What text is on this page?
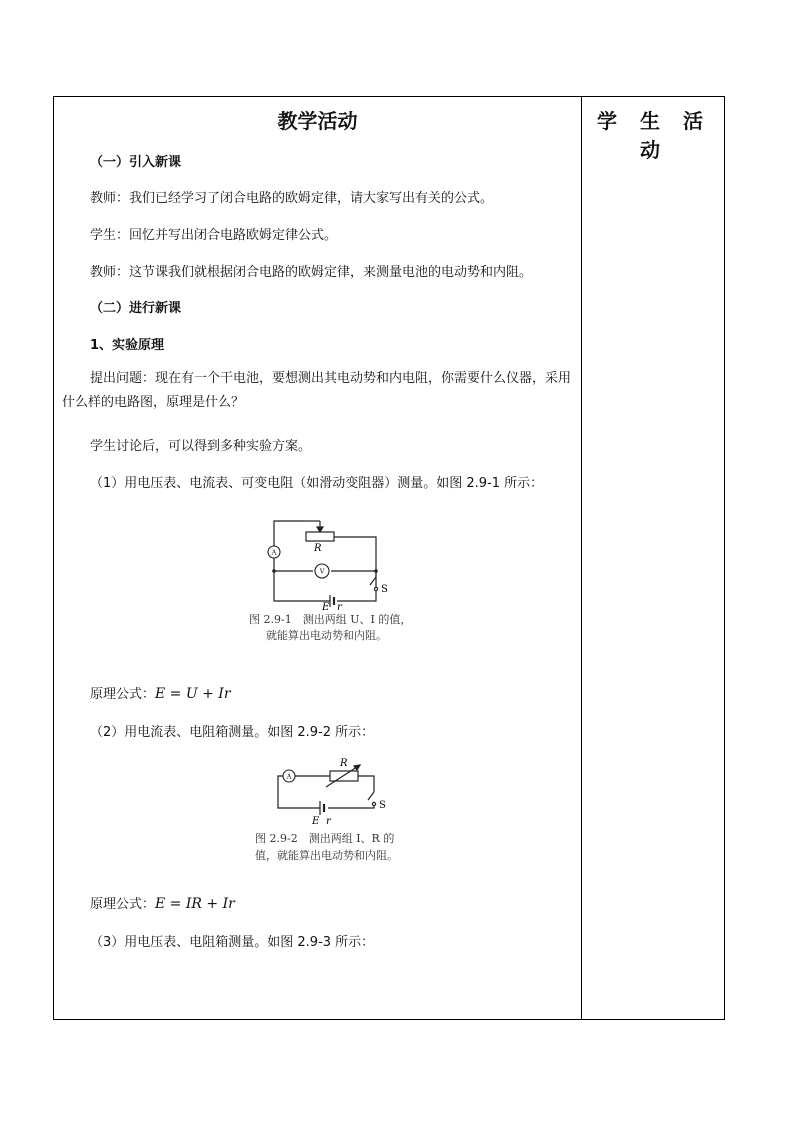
教学活动	学 生 活 动
（一）引入新课
教师：我们已经学习了闭合电路的欧姆定律，请大家写出有关的公式。
学生：回忆并写出闭合电路欧姆定律公式。
教师：这节课我们就根据闭合电路的欧姆定律，来测量电池的电动势和内阻。
（二）进行新课
1、实验原理
提出问题：现在有一个干电池，要想测出其电动势和内电阻，你需要什么仪器，采用什么样的电路图，原理是什么？
学生讨论后，可以得到多种实验方案。
（1）用电压表、电流表、可变电阻（如滑动变阻器）测量。如图 2.9-1 所示：
A
V
R
S
E r
图 2.9-1　测出两组 U、I 的值，
就能算出电动势和内阻。
原理公式：E = U + Ir
（2）用电流表、电阻箱测量。如图 2.9-2 所示：
A
R
S
E r
图 2.9-2　测出两组 I、R 的
值，就能算出电动势和内阻。
原理公式：E = IR + Ir
（3）用电压表、电阻箱测量。如图 2.9-3 所示：
